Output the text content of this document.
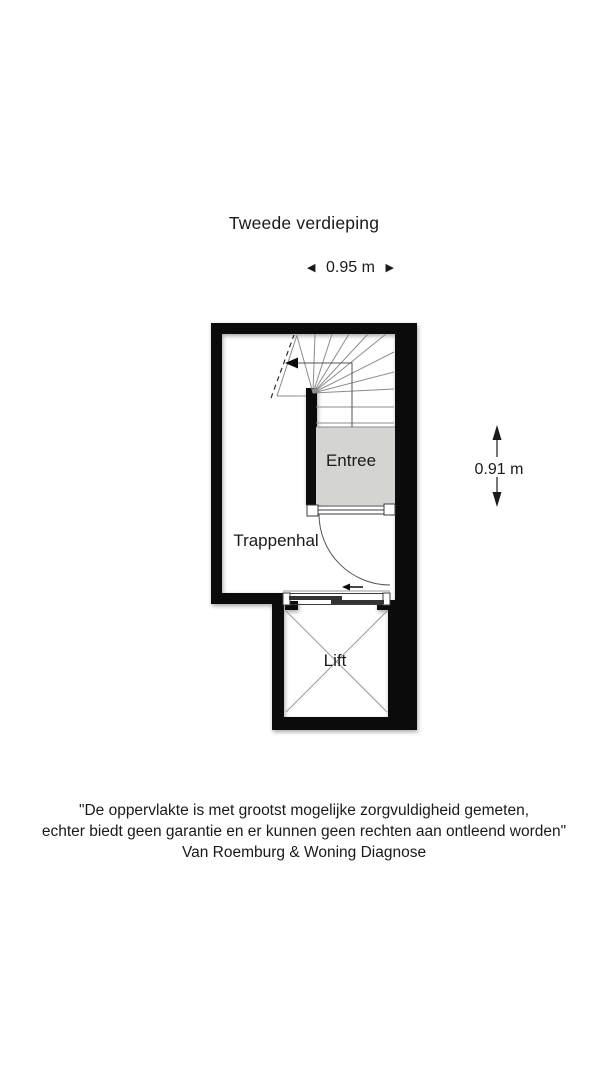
Tweede verdieping
◀ 0.95 m ▶
Entree
Trappenhal
Lift
0.91 m
"De oppervlakte is met grootst mogelijke zorgvuldigheid gemeten,
echter biedt geen garantie en er kunnen geen rechten aan ontleend worden"
Van Roemburg & Woning Diagnose
